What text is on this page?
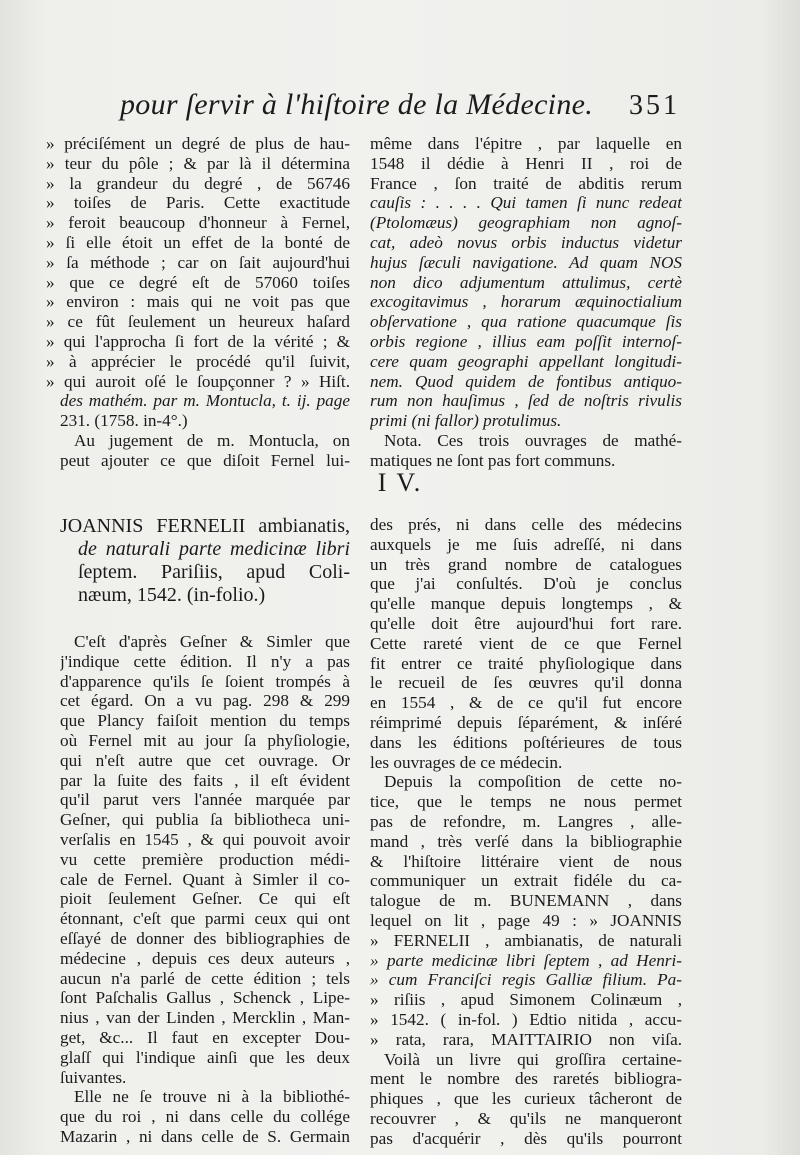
pour ſervir à l'hiſtoire de la Médecine. 351
» préciſément un degré de plus de hau-
» teur du pôle ; & par là il détermina
» la grandeur du degré , de 56746
» toiſes de Paris. Cette exactitude
» feroit beaucoup d'honneur à Fernel,
» ſi elle étoit un effet de la bonté de
» ſa méthode ; car on ſait aujourd'hui
» que ce degré eſt de 57060 toiſes
» environ : mais qui ne voit pas que
» ce fût ſeulement un heureux haſard
» qui l'approcha ſi fort de la vérité ; &
» à apprécier le procédé qu'il ſuivit,
» qui auroit oſé le ſoupçonner ? » Hiſt.
des mathém. par m. Montucla, t. ij. page
231. (1758. in-4°.)
Au jugement de m. Montucla, on
peut ajouter ce que diſoit Fernel lui-
même dans l'épitre , par laquelle en
1548 il dédie à Henri II , roi de
France , ſon traité de abditis rerum
cauſis : . . . . Qui tamen ſi nunc redeat
(Ptolomæus) geographiam non agnoſ-
cat, adeò novus orbis inductus videtur
hujus ſæculi navigatione. Ad quam NOS
non dico adjumentum attulimus, certè
excogitavimus , horarum æquinoctialium
obſervatione , qua ratione quacumque ſis
orbis regione , illius eam poſſit internoſ-
cere quam geographi appellant longitudi-
nem. Quod quidem de fontibus antiquo-
rum non hauſimus , ſed de noſtris rivulis
primi (ni fallor) protulimus.
Nota. Ces trois ouvrages de mathé-
matiques ne ſont pas fort communs.
I V.
JOANNIS FERNELII ambianatis,
de naturali parte medicinæ libri
ſeptem. Pariſiis, apud Coli-
næum, 1542. (in-folio.)
C'eſt d'après Geſner & Simler que
j'indique cette édition. Il n'y a pas
d'apparence qu'ils ſe ſoient trompés à
cet égard. On a vu pag. 298 & 299
que Plancy faiſoit mention du temps
où Fernel mit au jour ſa phyſiologie,
qui n'eſt autre que cet ouvrage. Or
par la ſuite des faits , il eſt évident
qu'il parut vers l'année marquée par
Geſner, qui publia ſa bibliotheca uni-
verſalis en 1545 , & qui pouvoit avoir
vu cette première production médi-
cale de Fernel. Quant à Simler il co-
pioit ſeulement Geſner. Ce qui eſt
étonnant, c'eſt que parmi ceux qui ont
eſſayé de donner des bibliographies de
médecine , depuis ces deux auteurs ,
aucun n'a parlé de cette édition ; tels
ſont Paſchalis Gallus , Schenck , Lipe-
nius , van der Linden , Mercklin , Man-
get, &c... Il faut en excepter Dou-
glaſſ qui l'indique ainſi que les deux
ſuivantes.
Elle ne ſe trouve ni à la bibliothé-
que du roi , ni dans celle du collége
Mazarin , ni dans celle de S. Germain
des prés, ni dans celle des médecins
auxquels je me ſuis adreſſé, ni dans
un très grand nombre de catalogues
que j'ai conſultés. D'où je conclus
qu'elle manque depuis longtemps , &
qu'elle doit être aujourd'hui fort rare.
Cette rareté vient de ce que Fernel
fit entrer ce traité phyſiologique dans
le recueil de ſes œuvres qu'il donna
en 1554 , & de ce qu'il fut encore
réimprimé depuis ſéparément, & inſéré
dans les éditions poſtérieures de tous
les ouvrages de ce médecin.
Depuis la compoſition de cette no-
tice, que le temps ne nous permet
pas de refondre, m. Langres , alle-
mand , très verſé dans la bibliographie
& l'hiſtoire littéraire vient de nous
communiquer un extrait fidéle du ca-
talogue de m. BUNEMANN , dans
lequel on lit , page 49 : » JOANNIS
» FERNELII , ambianatis, de naturali
» parte medicinæ libri ſeptem , ad Henri-
» cum Franciſci regis Galliæ filium. Pa-
» riſiis , apud Simonem Colinæum ,
» 1542. ( in-fol. ) Edtio nitida , accu-
» rata, rara, MAITTAIRIO non viſa.
Voilà un livre qui groſſira certaine-
ment le nombre des raretés bibliogra-
phiques , que les curieux tâcheront de
recouvrer , & qu'ils ne manqueront
pas d'acquérir , dès qu'ils pourront
